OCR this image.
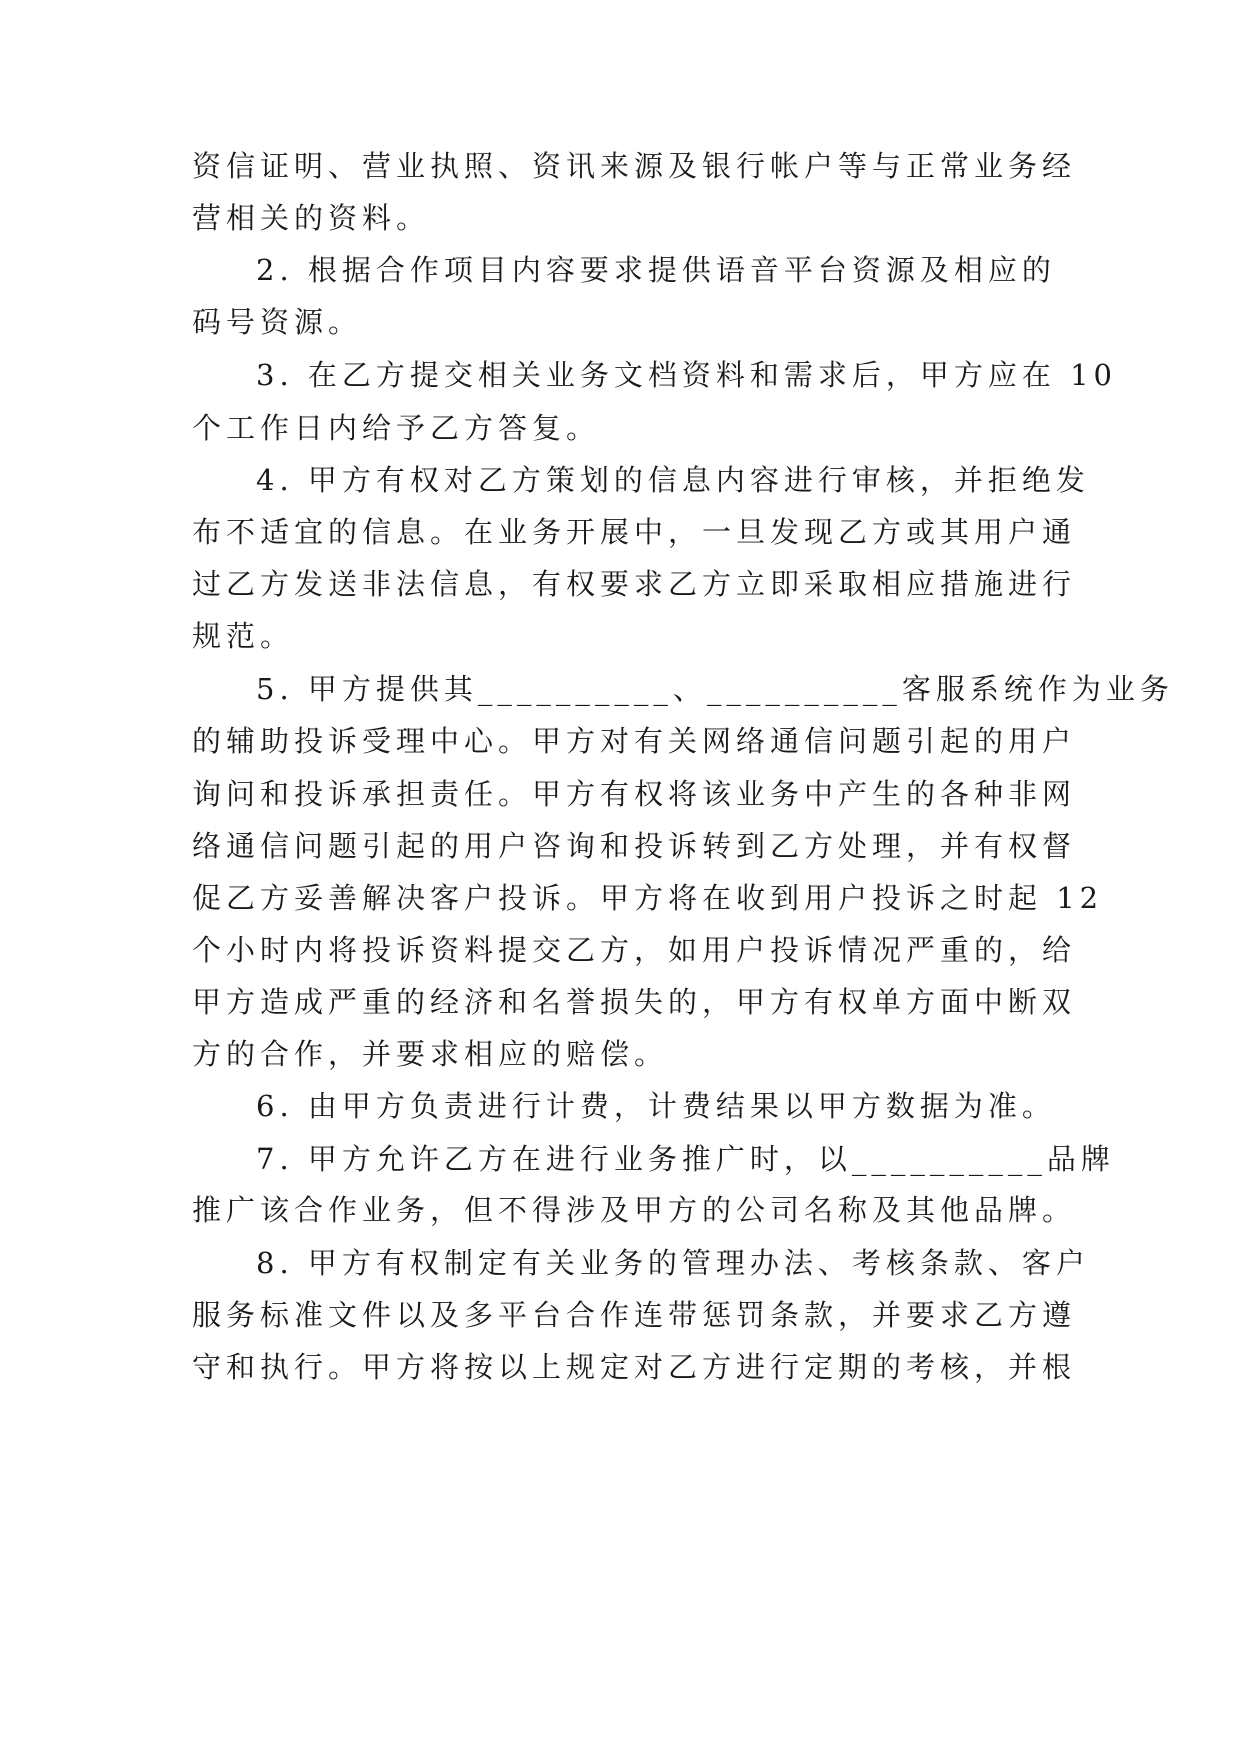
资信证明、营业执照、资讯来源及银行帐户等与正常业务经
营相关的资料。
2. 根据合作项目内容要求提供语音平台资源及相应的
码号资源。
3. 在乙方提交相关业务文档资料和需求后，甲方应在 10
个工作日内给予乙方答复。
4. 甲方有权对乙方策划的信息内容进行审核，并拒绝发
布不适宜的信息。在业务开展中，一旦发现乙方或其用户通
过乙方发送非法信息，有权要求乙方立即采取相应措施进行
规范。
5. 甲方提供其__________、__________客服系统作为业务
的辅助投诉受理中心。甲方对有关网络通信问题引起的用户
询问和投诉承担责任。甲方有权将该业务中产生的各种非网
络通信问题引起的用户咨询和投诉转到乙方处理，并有权督
促乙方妥善解决客户投诉。甲方将在收到用户投诉之时起 12
个小时内将投诉资料提交乙方，如用户投诉情况严重的，给
甲方造成严重的经济和名誉损失的，甲方有权单方面中断双
方的合作，并要求相应的赔偿。
6. 由甲方负责进行计费，计费结果以甲方数据为准。
7. 甲方允许乙方在进行业务推广时，以__________品牌
推广该合作业务，但不得涉及甲方的公司名称及其他品牌。
8. 甲方有权制定有关业务的管理办法、考核条款、客户
服务标准文件以及多平台合作连带惩罚条款，并要求乙方遵
守和执行。甲方将按以上规定对乙方进行定期的考核，并根
